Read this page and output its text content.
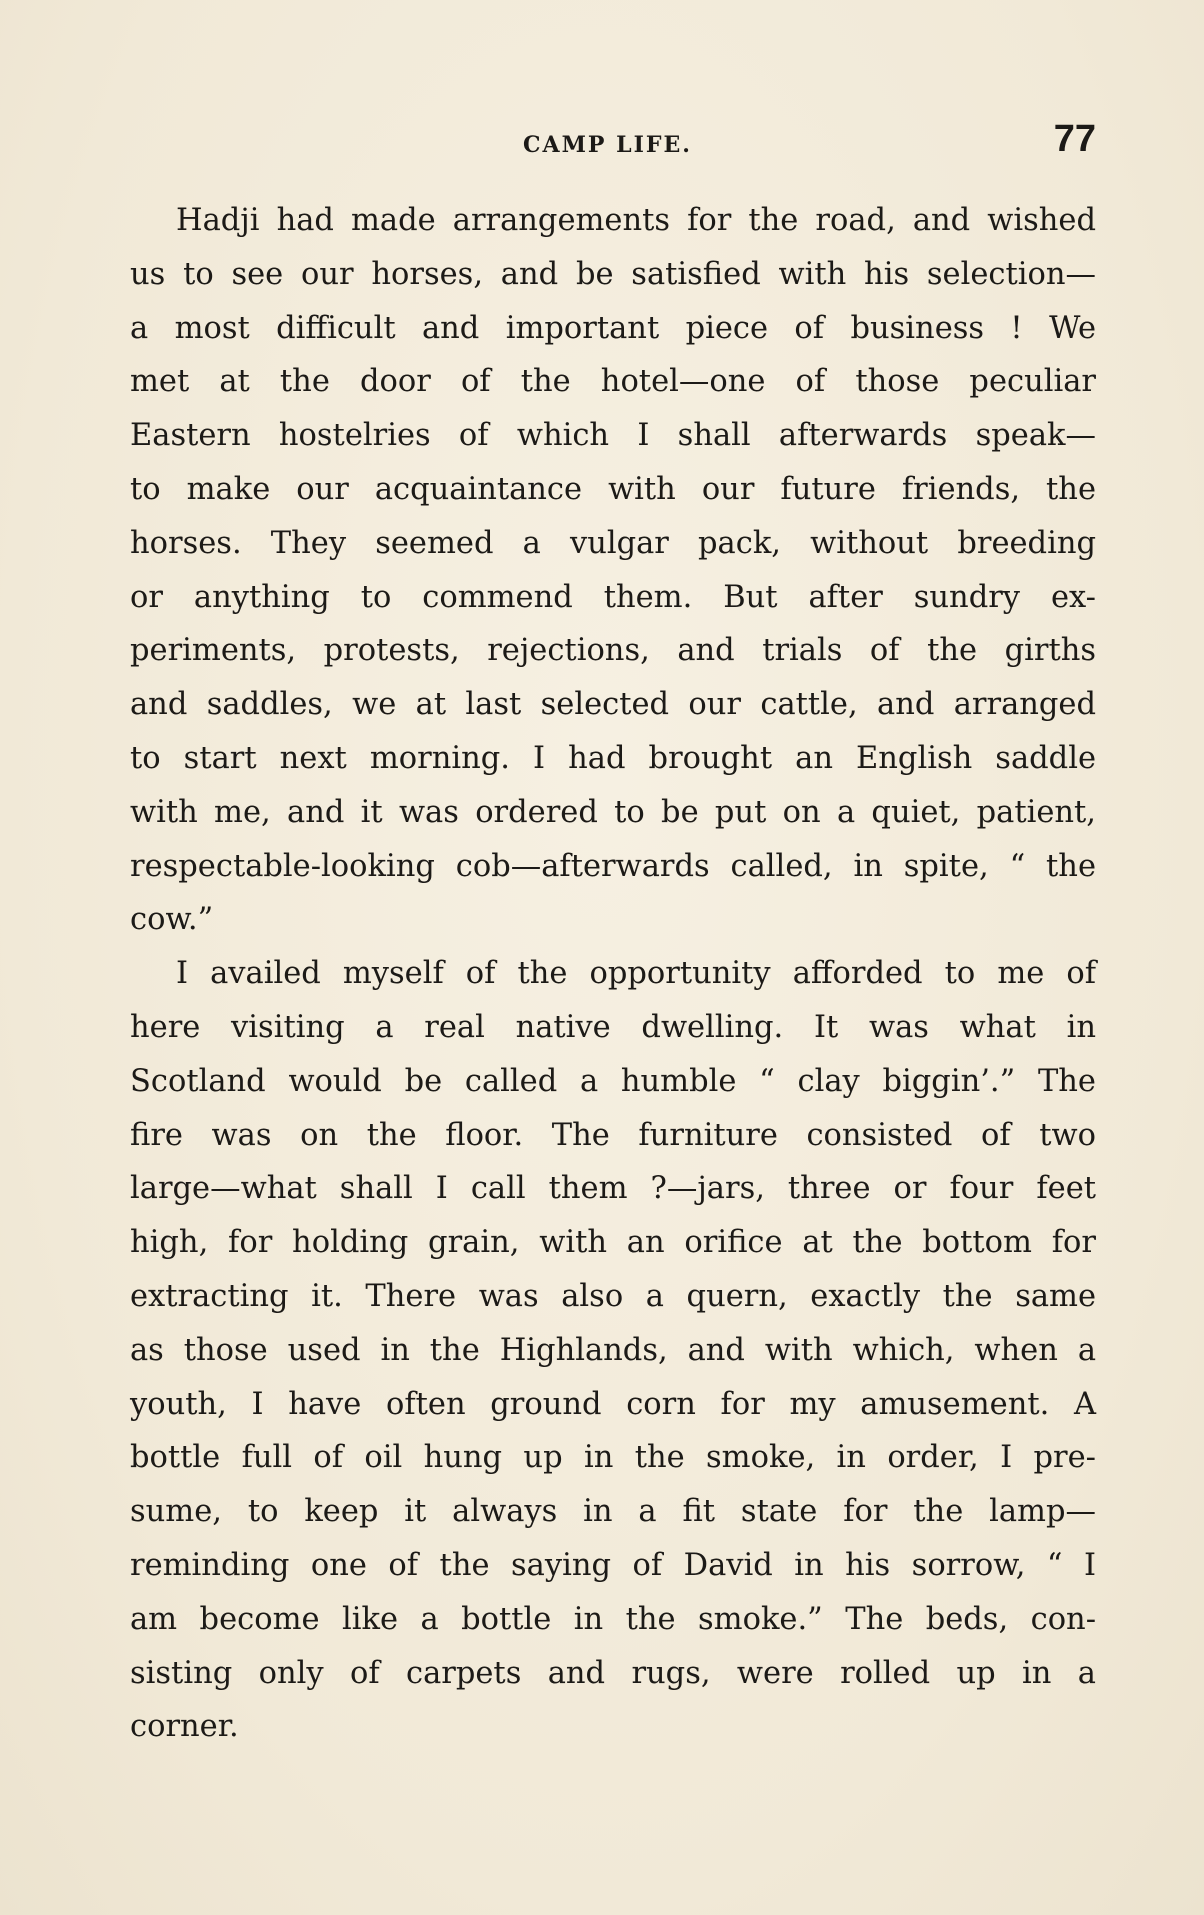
CAMP LIFE.	77
Hadji had made arrangements for the road, and wished
us to see our horses, and be satisfied with his selection—
a most difficult and important piece of business ! We
met at the door of the hotel—one of those peculiar
Eastern hostelries of which I shall afterwards speak—
to make our acquaintance with our future friends, the
horses. They seemed a vulgar pack, without breeding
or anything to commend them. But after sundry ex-
periments, protests, rejections, and trials of the girths
and saddles, we at last selected our cattle, and arranged
to start next morning. I had brought an English saddle
with me, and it was ordered to be put on a quiet, patient,
respectable-looking cob—afterwards called, in spite, “ the
cow.”
I availed myself of the opportunity afforded to me of
here visiting a real native dwelling. It was what in
Scotland would be called a humble “ clay biggin’.” The
fire was on the floor. The furniture consisted of two
large—what shall I call them ?—jars, three or four feet
high, for holding grain, with an orifice at the bottom for
extracting it. There was also a quern, exactly the same
as those used in the Highlands, and with which, when a
youth, I have often ground corn for my amusement. A
bottle full of oil hung up in the smoke, in order, I pre-
sume, to keep it always in a fit state for the lamp—
reminding one of the saying of David in his sorrow, “ I
am become like a bottle in the smoke.” The beds, con-
sisting only of carpets and rugs, were rolled up in a
corner.
